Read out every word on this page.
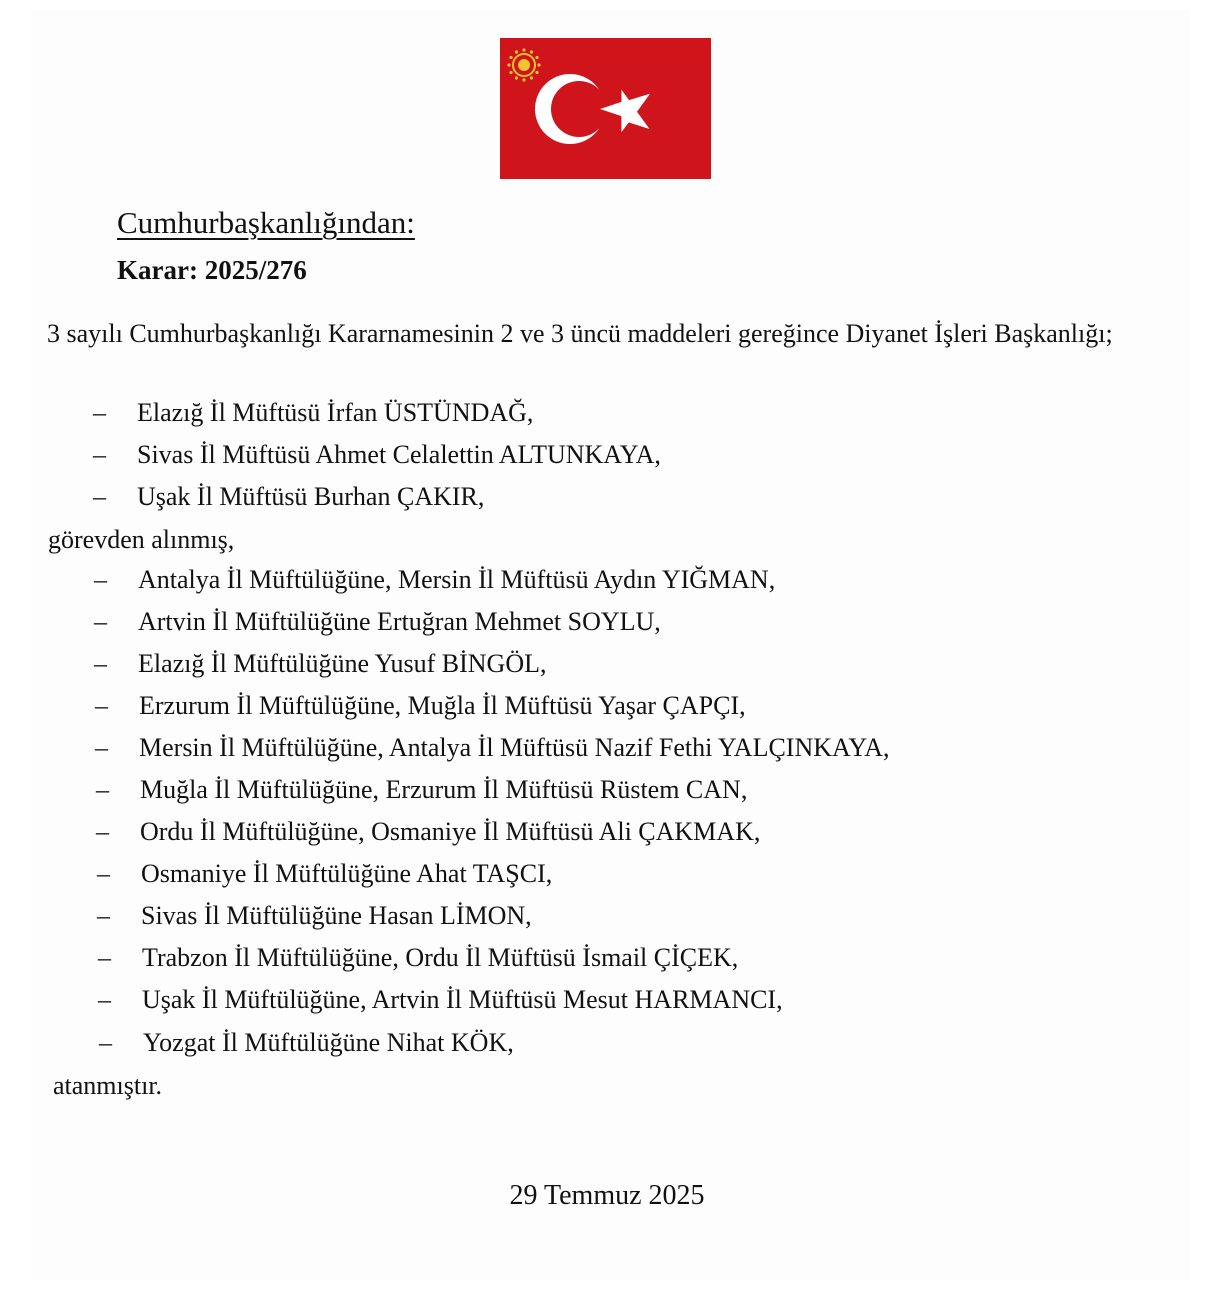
Cumhurbaşkanlığından:
Karar: 2025/276
3 sayılı Cumhurbaşkanlığı Kararnamesinin 2 ve 3 üncü maddeleri gereğince Diyanet İşleri Başkanlığı;
– Elazığ İl Müftüsü İrfan ÜSTÜNDAĞ,
– Sivas İl Müftüsü Ahmet Celalettin ALTUNKAYA,
– Uşak İl Müftüsü Burhan ÇAKIR,
görevden alınmış,
– Antalya İl Müftülüğüne, Mersin İl Müftüsü Aydın YIĞMAN,
– Artvin İl Müftülüğüne Ertuğran Mehmet SOYLU,
– Elazığ İl Müftülüğüne Yusuf BİNGÖL,
– Erzurum İl Müftülüğüne, Muğla İl Müftüsü Yaşar ÇAPÇI,
– Mersin İl Müftülüğüne, Antalya İl Müftüsü Nazif Fethi YALÇINKAYA,
– Muğla İl Müftülüğüne, Erzurum İl Müftüsü Rüstem CAN,
– Ordu İl Müftülüğüne, Osmaniye İl Müftüsü Ali ÇAKMAK,
– Osmaniye İl Müftülüğüne Ahat TAŞCI,
– Sivas İl Müftülüğüne Hasan LİMON,
– Trabzon İl Müftülüğüne, Ordu İl Müftüsü İsmail ÇİÇEK,
– Uşak İl Müftülüğüne, Artvin İl Müftüsü Mesut HARMANCI,
– Yozgat İl Müftülüğüne Nihat KÖK,
atanmıştır.
29 Temmuz 2025
